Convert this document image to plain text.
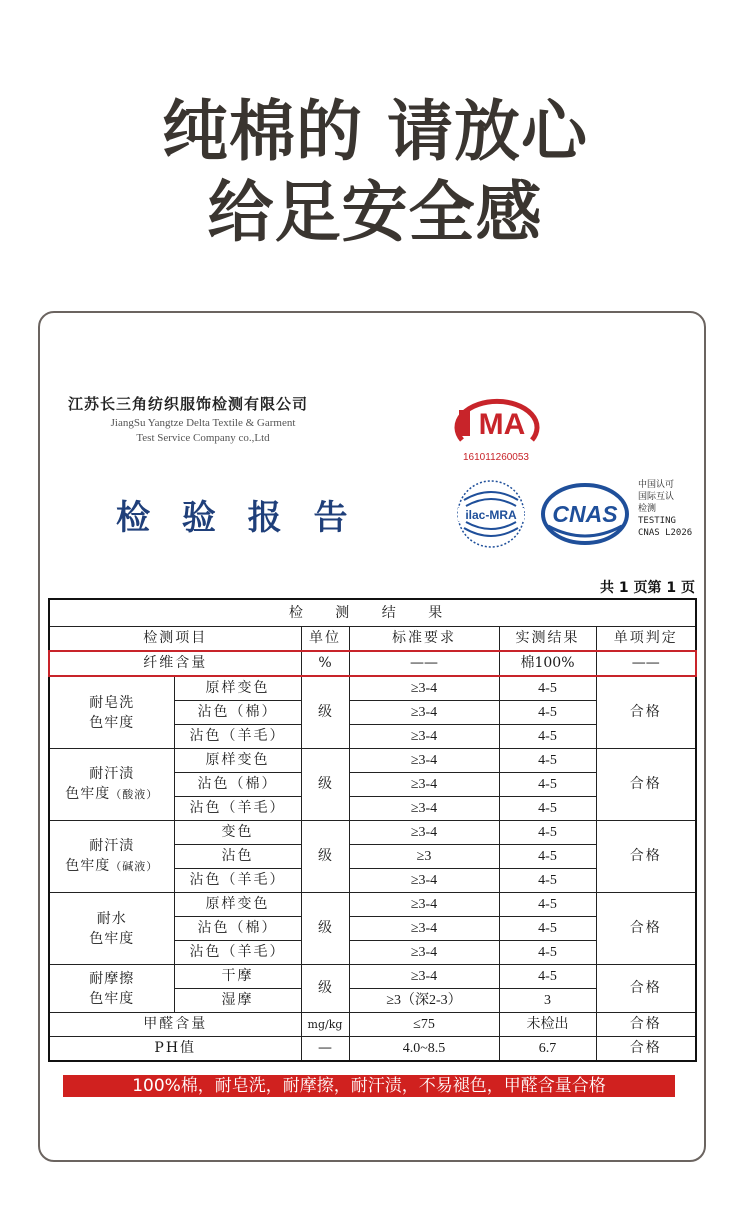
纯棉的 请放心
给足安全感
江苏长三角纺织服饰检测有限公司
JiangSu Yangtze Delta Textile & Garment
Test Service Company co.,Ltd
检 验 报 告
MA
161011260053
ilac-MRA CNAS
中国认可
国际互认
检测
TESTING
CNAS L2026
共 1 页第 1 页
检 测 结 果					
检测项目		单位	标准要求	实测结果	单项判定
纤维含量		%	——	棉100%	——

耐皂洗
色牢度	原样变色	级	≥3-4	4-5	合格
	沾色（棉）		≥3-4	4-5	
	沾色（羊毛）		≥3-4	4-5	

耐汗渍
色牢度（酸液）	原样变色	级	≥3-4	4-5	合格
	沾色（棉）		≥3-4	4-5	
	沾色（羊毛）		≥3-4	4-5	

耐汗渍
色牢度（碱液）	变色	级	≥3-4	4-5	合格
	沾色		≥3	4-5	
	沾色（羊毛）		≥3-4	4-5	

耐水
色牢度	原样变色	级	≥3-4	4-5	合格
	沾色（棉）		≥3-4	4-5	
	沾色（羊毛）		≥3-4	4-5	

耐摩擦
色牢度	干摩	级	≥3-4	4-5	合格
	湿摩		≥3（深2-3）	3	
甲醛含量		mg/kg	≤75	未检出	合格
PH值		—	4.0~8.5	6.7	合格
100%棉，耐皂洗，耐摩擦，耐汗渍，不易褪色，甲醛含量合格
